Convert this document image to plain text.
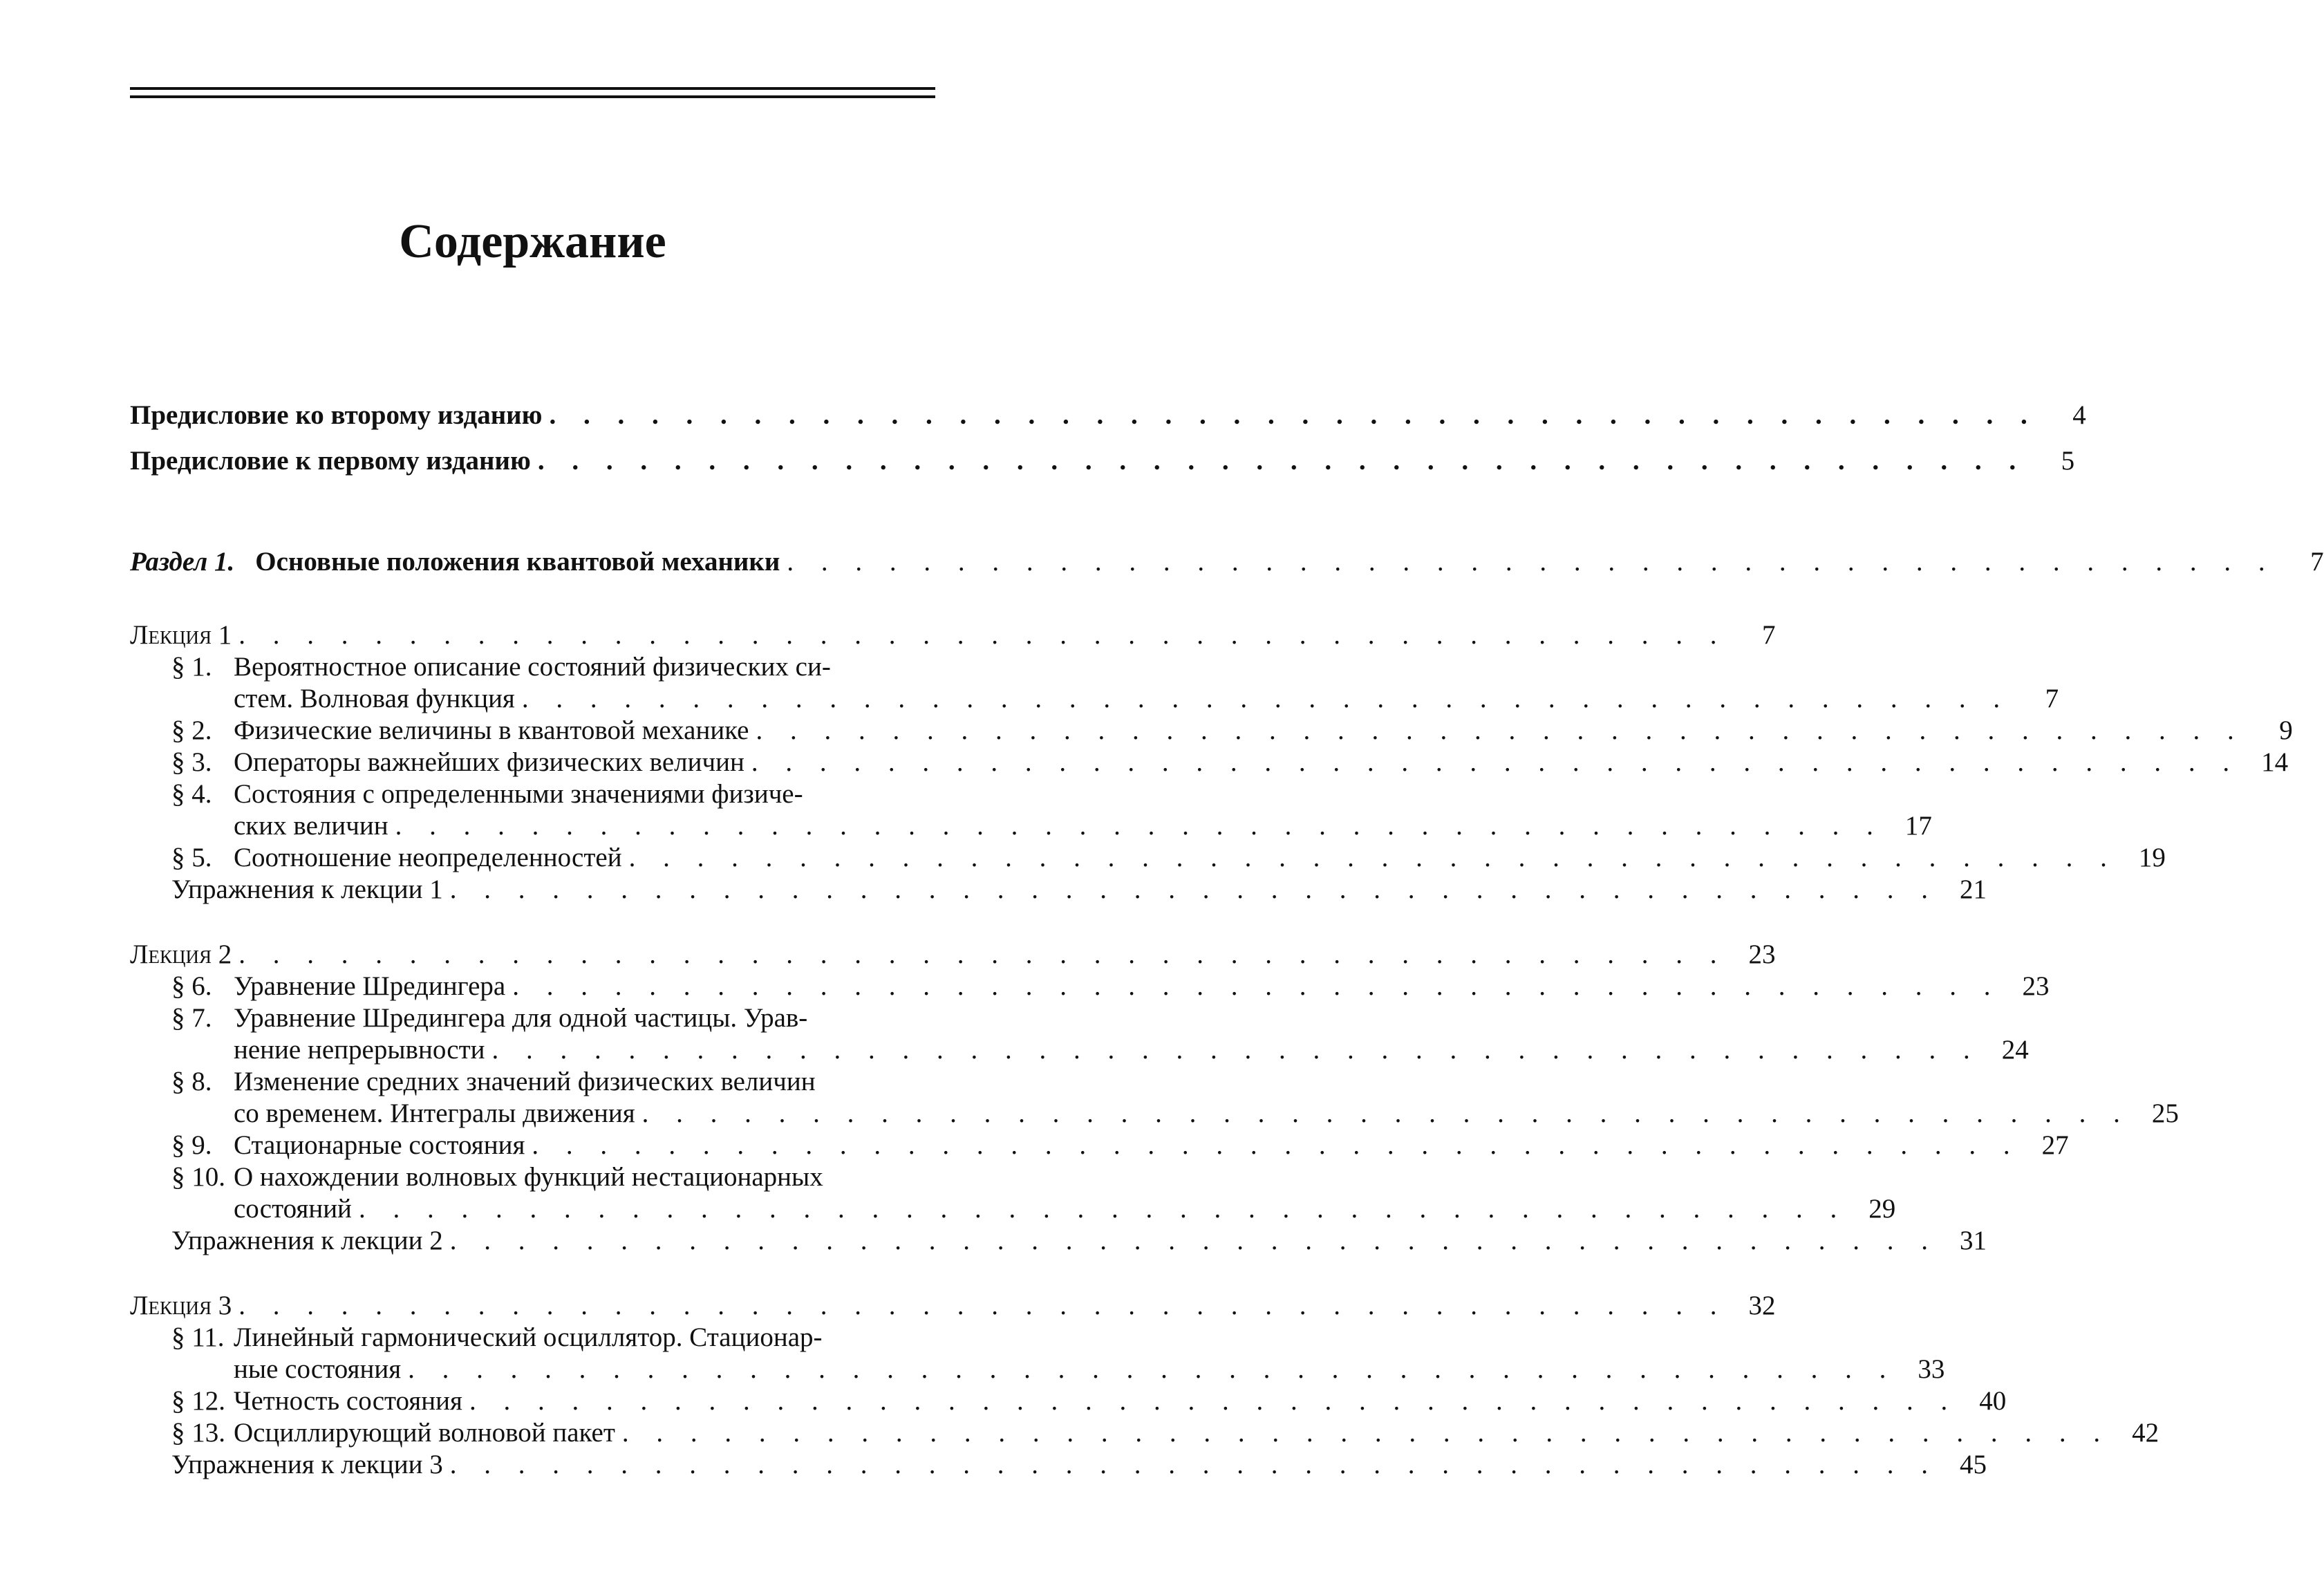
Содержание
Предисловие ко второму изданию . . . . . . . . . . . . . . . . . . . . . . . . . . . . . . . . . . . . . . . . . . . .	4
Предисловие к первому изданию . . . . . . . . . . . . . . . . . . . . . . . . . . . . . . . . . . . . . . . . . . . .	5
Раздел 1. Основные положения квантовой механики . . . . . . . . . . . . . . . . . . . . . . . . . . . . . . . . . . . . . . . . . . . .	7
Лекция 1 . . . . . . . . . . . . . . . . . . . . . . . . . . . . . . . . . . . . . . . . . . . .	7
§ 1. Вероятностное описание состояний физических си-
стем. Волновая функция . . . . . . . . . . . . . . . . . . . . . . . . . . . . . . . . . . . . . . . . . . . .	7
§ 2. Физические величины в квантовой механике . . . . . . . . . . . . . . . . . . . . . . . . . . . . . . . . . . . . . . . . . . . .	9
§ 3. Операторы важнейших физических величин . . . . . . . . . . . . . . . . . . . . . . . . . . . . . . . . . . . . . . . . . . . . 14
§ 4. Состояния с определенными значениями физиче-
ских величин . . . . . . . . . . . . . . . . . . . . . . . . . . . . . . . . . . . . . . . . . . . . 17
§ 5. Соотношение неопределенностей . . . . . . . . . . . . . . . . . . . . . . . . . . . . . . . . . . . . . . . . . . . . 19
Упражнения к лекции 1 . . . . . . . . . . . . . . . . . . . . . . . . . . . . . . . . . . . . . . . . . . . . 21
Лекция 2 . . . . . . . . . . . . . . . . . . . . . . . . . . . . . . . . . . . . . . . . . . . . 23
§ 6. Уравнение Шредингера . . . . . . . . . . . . . . . . . . . . . . . . . . . . . . . . . . . . . . . . . . . . 23
§ 7. Уравнение Шредингера для одной частицы. Урав-
нение непрерывности . . . . . . . . . . . . . . . . . . . . . . . . . . . . . . . . . . . . . . . . . . . . 24
§ 8. Изменение средних значений физических величин
со временем. Интегралы движения . . . . . . . . . . . . . . . . . . . . . . . . . . . . . . . . . . . . . . . . . . . . 25
§ 9. Стационарные состояния . . . . . . . . . . . . . . . . . . . . . . . . . . . . . . . . . . . . . . . . . . . . 27
§ 10. О нахождении волновых функций нестационарных
состояний . . . . . . . . . . . . . . . . . . . . . . . . . . . . . . . . . . . . . . . . . . . . 29
Упражнения к лекции 2 . . . . . . . . . . . . . . . . . . . . . . . . . . . . . . . . . . . . . . . . . . . . 31
Лекция 3 . . . . . . . . . . . . . . . . . . . . . . . . . . . . . . . . . . . . . . . . . . . . 32
§ 11. Линейный гармонический осциллятор. Стационар-
ные состояния . . . . . . . . . . . . . . . . . . . . . . . . . . . . . . . . . . . . . . . . . . . . 33
§ 12. Четность состояния . . . . . . . . . . . . . . . . . . . . . . . . . . . . . . . . . . . . . . . . . . . . 40
§ 13. Осциллирующий волновой пакет . . . . . . . . . . . . . . . . . . . . . . . . . . . . . . . . . . . . . . . . . . . . 42
Упражнения к лекции 3 . . . . . . . . . . . . . . . . . . . . . . . . . . . . . . . . . . . . . . . . . . . . 45
